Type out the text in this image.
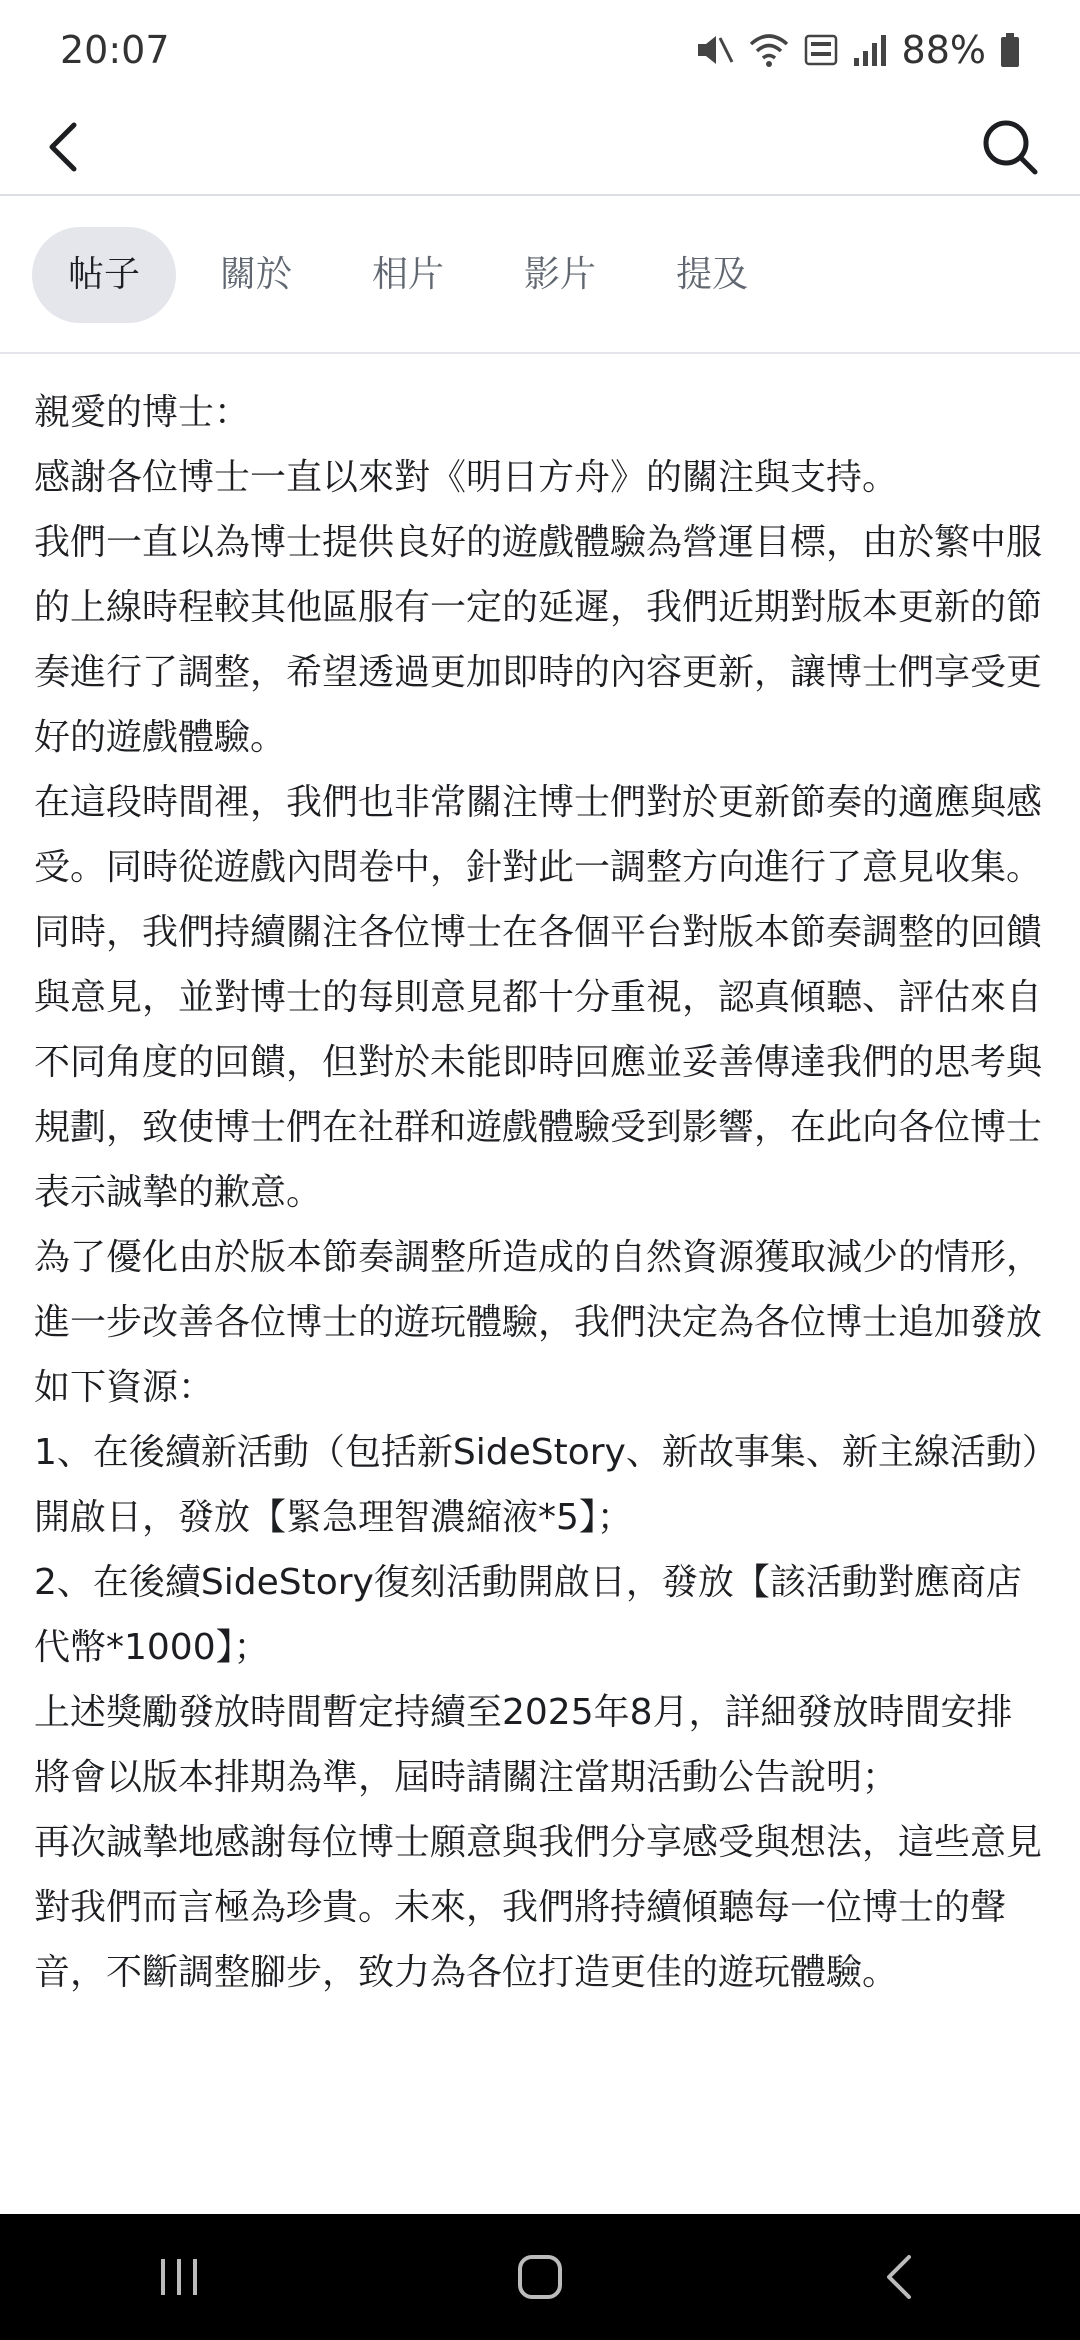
20:07	88%
帖子	關於	相片	影片	提及

親愛的博士：

感謝各位博士一直以來對《明日方舟》的關注與支持。

我們一直以為博士提供良好的遊戲體驗為營運目標，由於繁中服的上線時程較其他區服有一定的延遲，我們近期對版本更新的節奏進行了調整，希望透過更加即時的內容更新，讓博士們享受更好的遊戲體驗。

在這段時間裡，我們也非常關注博士們對於更新節奏的適應與感受。同時從遊戲內問卷中，針對此一調整方向進行了意見收集。同時，我們持續關注各位博士在各個平台對版本節奏調整的回饋與意見，並對博士的每則意見都十分重視，認真傾聽、評估來自不同角度的回饋，但對於未能即時回應並妥善傳達我們的思考與規劃，致使博士們在社群和遊戲體驗受到影響，在此向各位博士表示誠摯的歉意。

為了優化由於版本節奏調整所造成的自然資源獲取減少的情形，進一步改善各位博士的遊玩體驗，我們決定為各位博士追加發放如下資源：

1、在後續新活動（包括新SideStory、新故事集、新主線活動）開啟日，發放【緊急理智濃縮液*5】；

2、在後續SideStory復刻活動開啟日，發放【該活動對應商店代幣*1000】；

上述獎勵發放時間暫定持續至2025年8月，詳細發放時間安排將會以版本排期為準，屆時請關注當期活動公告說明；

再次誠摯地感謝每位博士願意與我們分享感受與想法，這些意見對我們而言極為珍貴。未來，我們將持續傾聽每一位博士的聲音，不斷調整腳步，致力為各位打造更佳的遊玩體驗。
